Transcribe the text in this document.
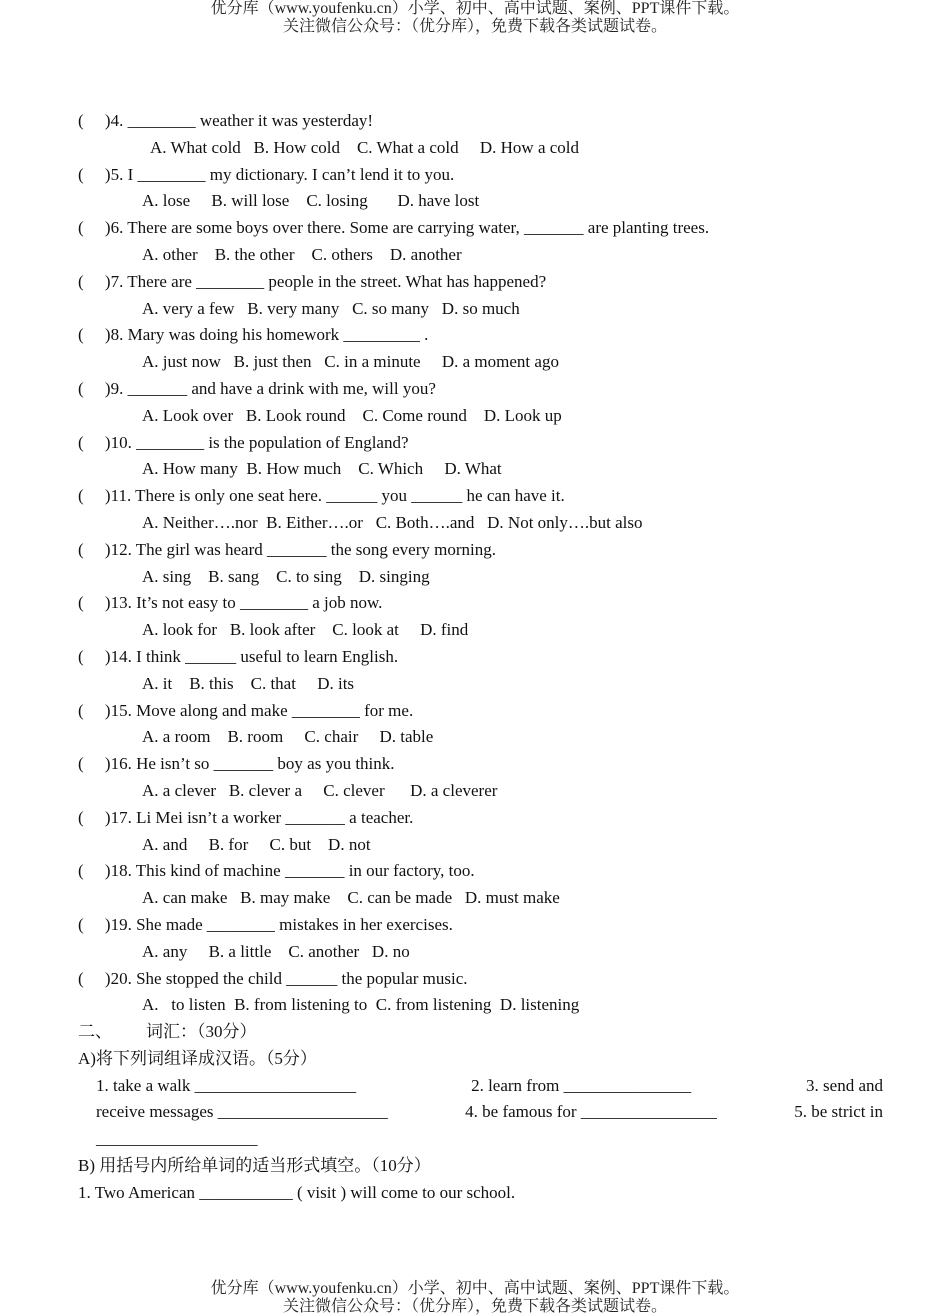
优分库（www.youfenku.cn）小学、初中、高中试题、案例、PPT课件下载。
关注微信公众号：（优分库），免费下载各类试题试卷。
(     )4. ________ weather it was yesterday!
A. What cold   B. How cold    C. What a cold     D. How a cold
(     )5. I ________ my dictionary. I can’t lend it to you.
A. lose     B. will lose    C. losing       D. have lost
(     )6. There are some boys over there. Some are carrying water, _______ are planting trees.
A. other    B. the other    C. others    D. another
(     )7. There are ________ people in the street. What has happened?
A. very a few   B. very many   C. so many   D. so much
(     )8. Mary was doing his homework _________ .
A. just now   B. just then   C. in a minute     D. a moment ago
(     )9. _______ and have a drink with me, will you?
A. Look over   B. Look round    C. Come round    D. Look up
(     )10. ________ is the population of England?
A. How many  B. How much    C. Which     D. What
(     )11. There is only one seat here. ______ you ______ he can have it.
A. Neither….nor  B. Either….or   C. Both….and   D. Not only….but also
(     )12. The girl was heard _______ the song every morning.
A. sing    B. sang    C. to sing    D. singing
(     )13. It’s not easy to ________ a job now.
A. look for   B. look after    C. look at     D. find
(     )14. I think ______ useful to learn English.
A. it    B. this    C. that     D. its
(     )15. Move along and make ________ for me.
A. a room    B. room     C. chair     D. table
(     )16. He isn’t so _______ boy as you think.
A. a clever   B. clever a     C. clever      D. a cleverer
(     )17. Li Mei isn’t a worker _______ a teacher.
A. and     B. for     C. but    D. not
(     )18. This kind of machine _______ in our factory, too.
A. can make   B. may make    C. can be made   D. must make
(     )19. She made ________ mistakes in her exercises.
A. any     B. a little    C. another   D. no
(     )20. She stopped the child ______ the popular music.
A.   to listen  B. from listening to  C. from listening  D. listening
二、        词汇：（30分）
A)将下列词组译成汉语。（5分）
1. take a walk ___________________	2. learn from _______________	3. send and
receive messages ____________________	4. be famous for ________________	5. be strict in
___________________
B) 用括号内所给单词的适当形式填空。（10分）
1. Two American ___________ ( visit ) will come to our school.
优分库（www.youfenku.cn）小学、初中、高中试题、案例、PPT课件下载。
关注微信公众号：（优分库），免费下载各类试题试卷。
